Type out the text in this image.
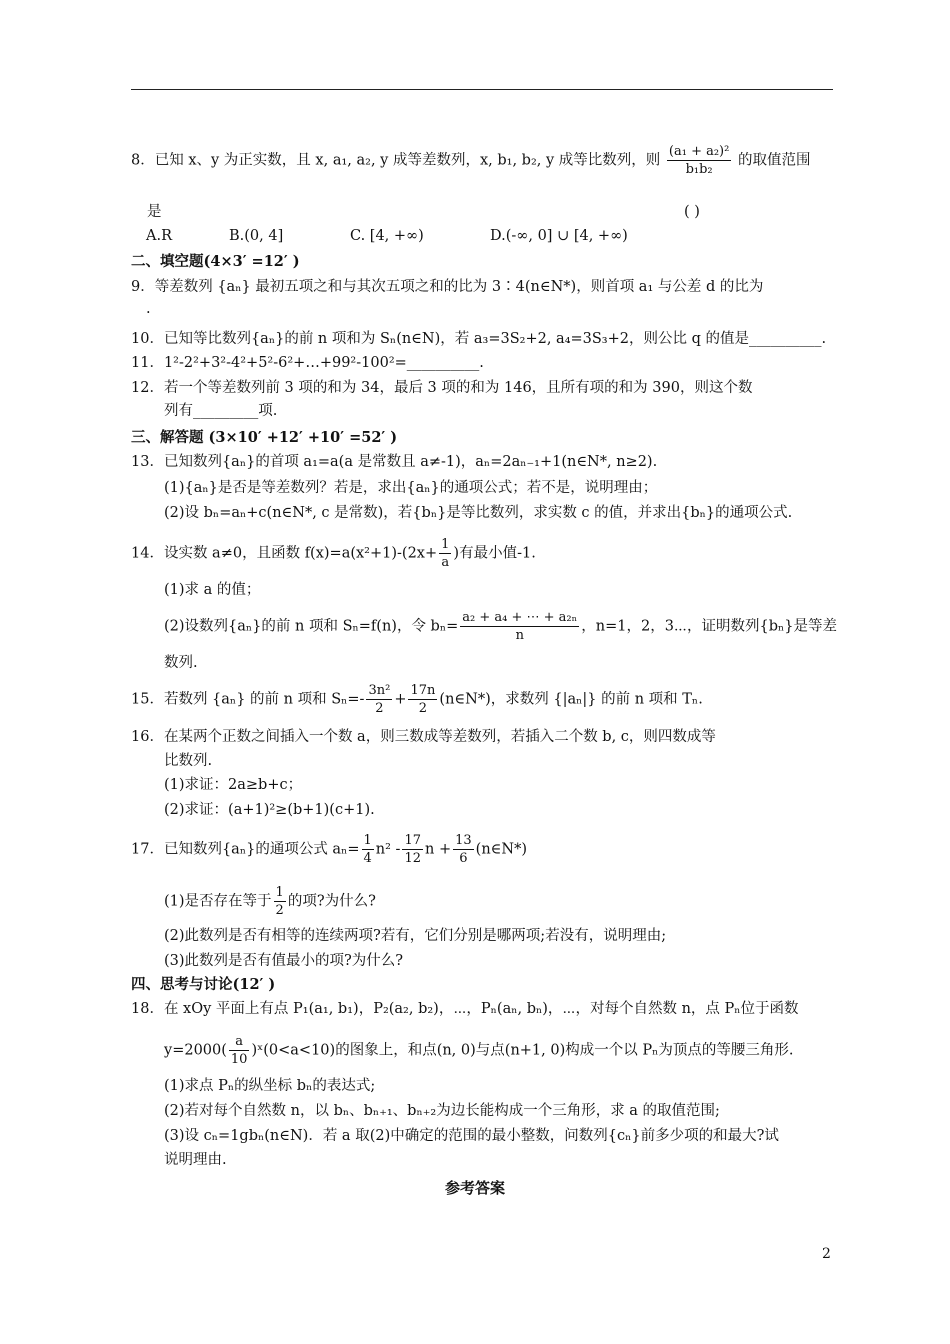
8．已知 x、y 为正实数，且 x, a₁, a₂, y 成等差数列，x, b₁, b₂, y 成等比数列，则 $\frac{\text{(a₁ + a₂)²}}{\text{b₁b₂}}$ 的取值范围
是	( )
A.R	B.(0, 4]	C. [4, +∞)	D.(-∞, 0] ∪ [4, +∞)
二、填空题(4×3′ =12′ )
9．等差数列 {aₙ} 最初五项之和与其次五项之和的比为 3∶4(n∈N*)，则首项 a₁ 与公差 d 的比为
.
10．已知等比数列{aₙ}的前 n 项和为 Sₙ(n∈N)，若 a₃=3S₂+2, a₄=3S₃+2，则公比 q 的值是__________.
11．1²-2²+3²-4²+5²-6²+…+99²-100²=__________.
12．若一个等差数列前 3 项的和为 34，最后 3 项的和为 146，且所有项的和为 390，则这个数
列有_________项.
三、解答题 (3×10′ +12′ +10′ =52′ )
13．已知数列{aₙ}的首项 a₁=a(a 是常数且 a≠-1)，aₙ=2aₙ₋₁+1(n∈N*, n≥2).
(1){aₙ}是否是等差数列？若是，求出{aₙ}的通项公式；若不是，说明理由；
(2)设 bₙ=aₙ+c(n∈N*, c 是常数)，若{bₙ}是等比数列，求实数 c 的值，并求出{bₙ}的通项公式.
14．设实数 a≠0，且函数 $f(x)=a(x^2+1)-(2x+ \frac{1}{a}$ )有最小值-1.
(1)求 a 的值；
(2)设数列{aₙ}的前 n 项和 Sₙ=f(n)，令 $b_n= \frac{\text{a₂ + a₄ + ⋯ + a₂ₙ}}{n}$ ，n=1，2，3⋯，证明数列{bₙ}是等差
数列.
15．若数列 {aₙ} 的前 n 项和 $S_n=- \frac{\text{3n²}}{2} + \frac{17n}{2}$ (n∈N*)，求数列 {|aₙ|} 的前 n 项和 Tₙ.
16．在某两个正数之间插入一个数 a，则三数成等差数列，若插入二个数 b, c，则四数成等
比数列.
(1)求证：2a≥b+c；
(2)求证：(a+1)²≥(b+1)(c+1).
17．已知数列{aₙ}的通项公式 $a_n= \frac{1}{4} n^2 - \frac{17}{12}$ $n + \frac{13}{6}$ (n∈N*)
(1)是否存在等于 $\frac{1}{2}$ 的项?为什么?
(2)此数列是否有相等的连续两项?若有，它们分别是哪两项;若没有，说明理由;
(3)此数列是否有值最小的项?为什么?
四、思考与讨论(12′ )
18．在 xOy 平面上有点 P₁(a₁, b₁)，P₂(a₂, b₂)，⋯，Pₙ(aₙ, bₙ)，⋯，对每个自然数 n，点 Pₙ位于函数
$y=2000( \frac{a}{10}$ )ˣ(0<a<10)的图象上，和点(n, 0)与点(n+1, 0)构成一个以 Pₙ为顶点的等腰三角形.
(1)求点 Pₙ的纵坐标 bₙ的表达式;
(2)若对每个自然数 n，以 bₙ、bₙ₊₁、bₙ₊₂为边长能构成一个三角形，求 a 的取值范围;
(3)设 cₙ=1gbₙ(n∈N)．若 a 取(2)中确定的范围的最小整数，问数列{cₙ}前多少项的和最大?试
说明理由.
参考答案
2
